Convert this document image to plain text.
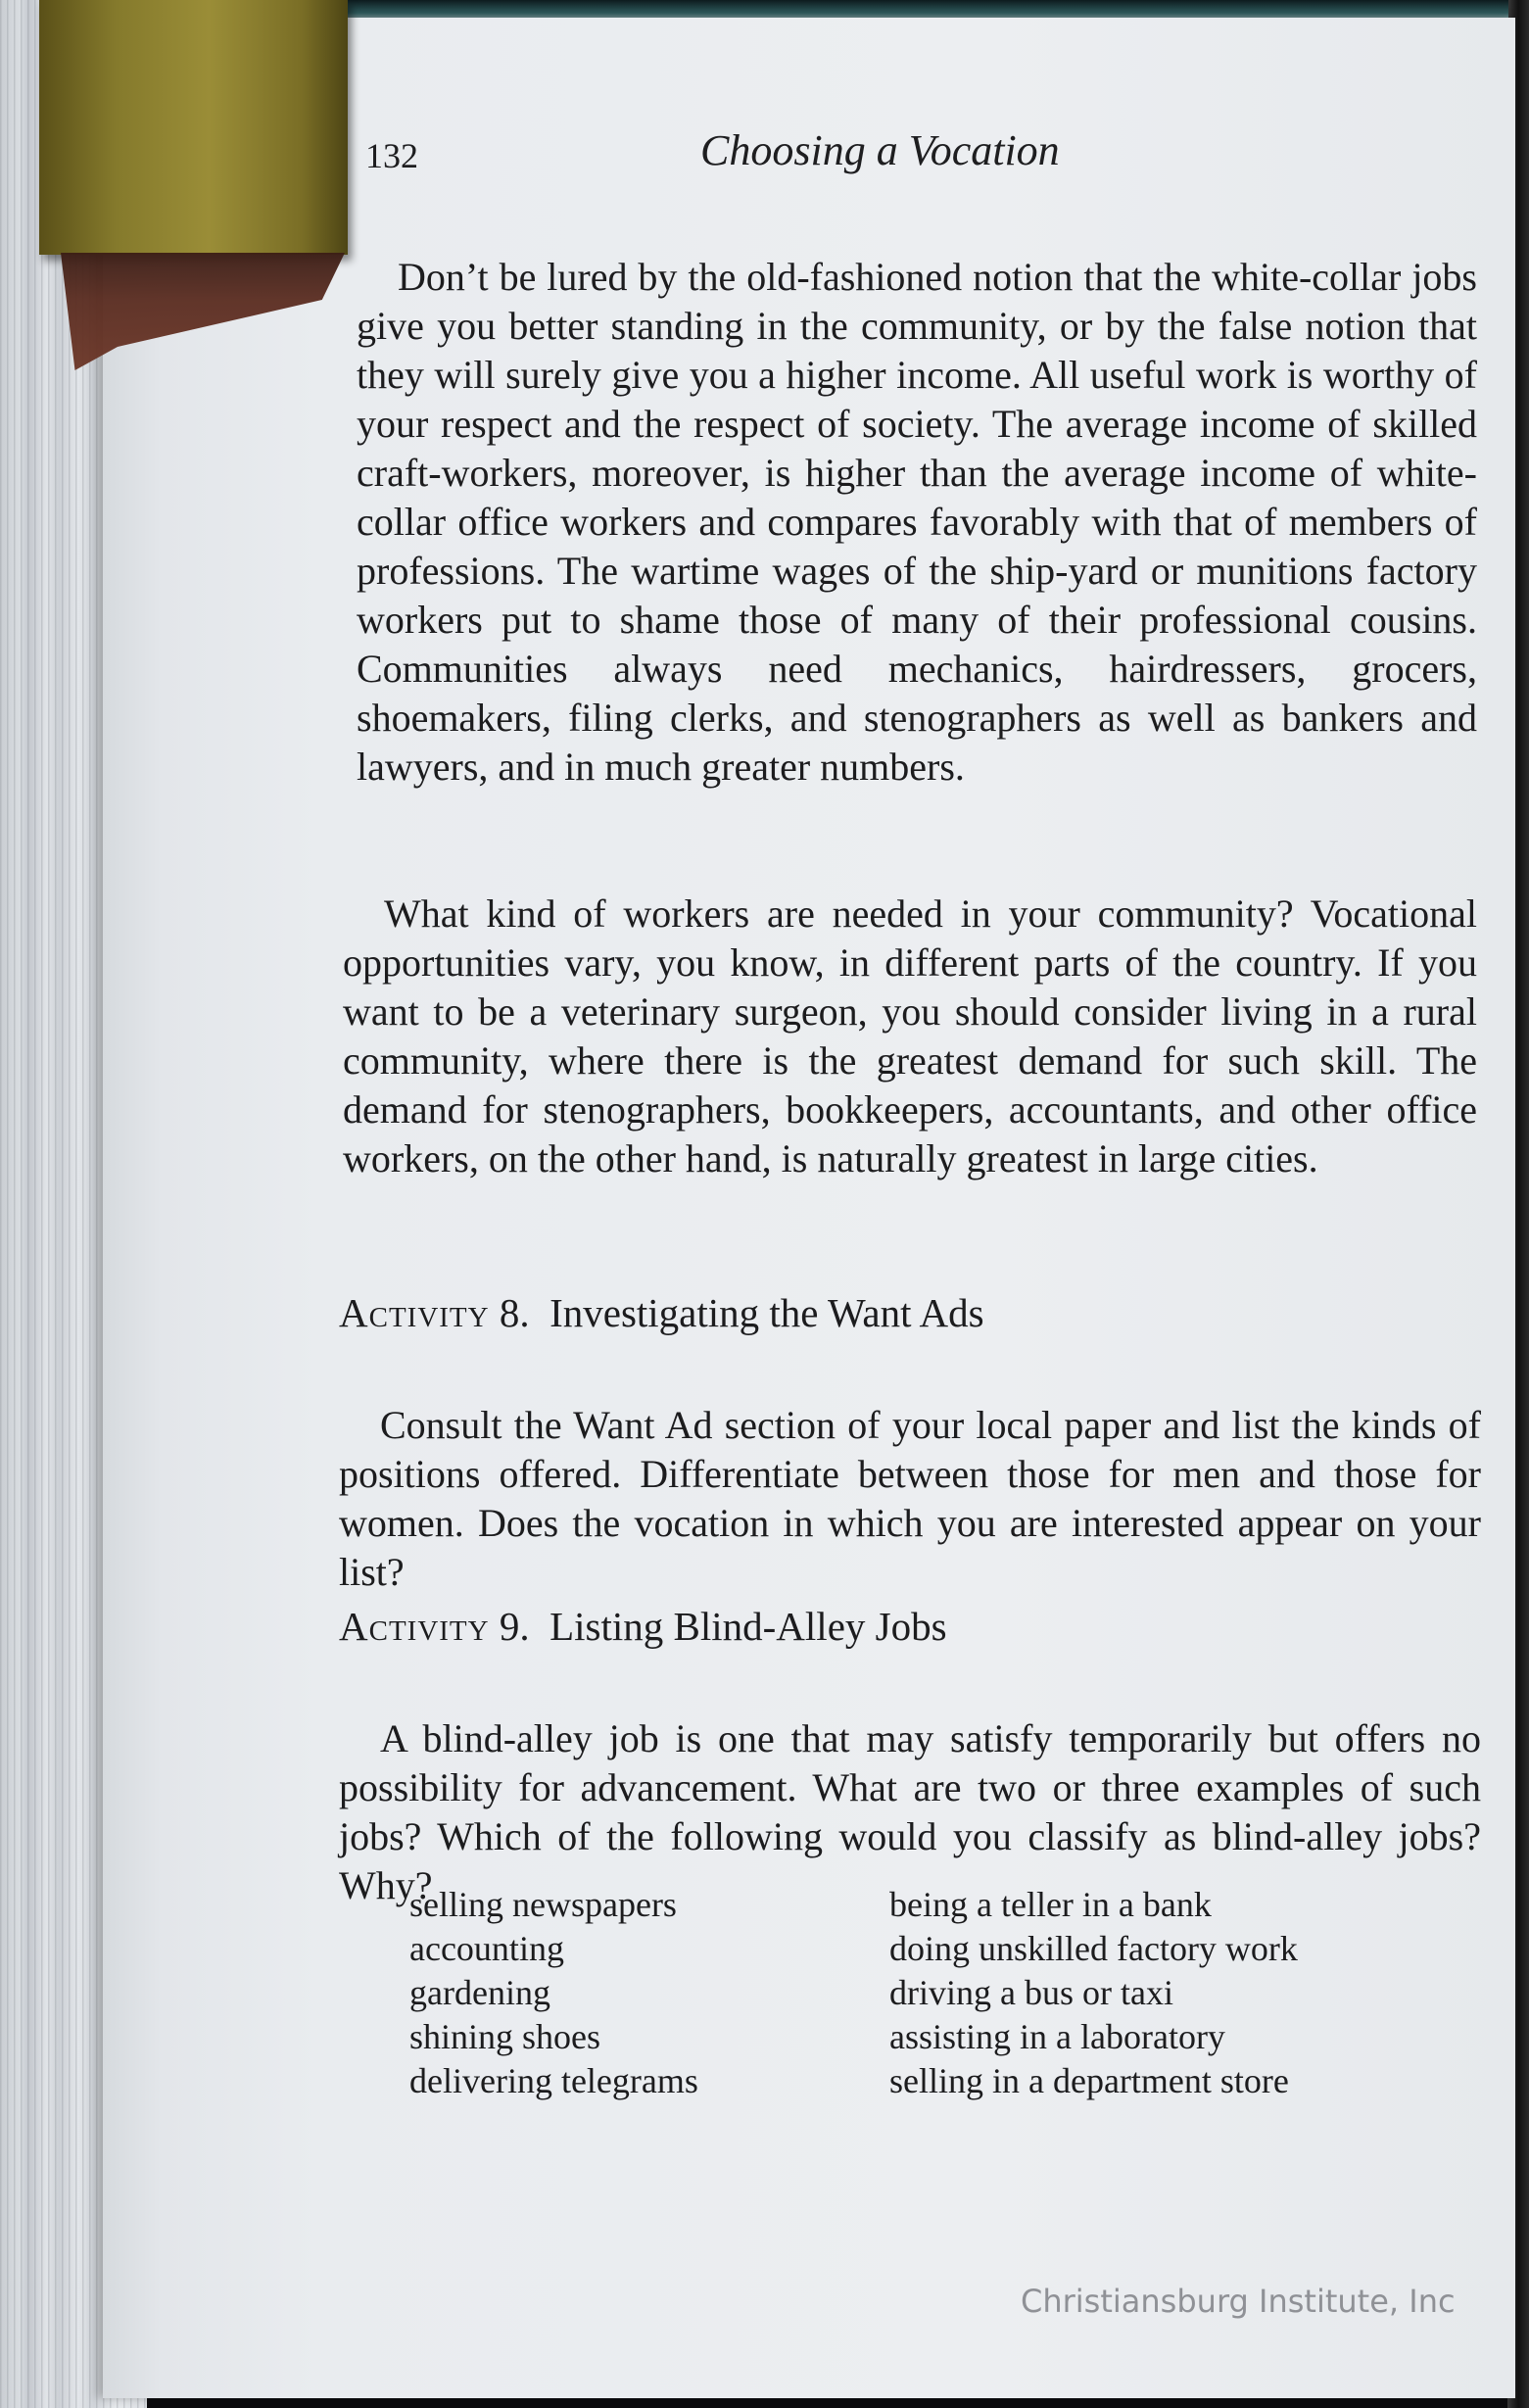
132	Choosing a Vocation

Don’t be lured by the old-fashioned notion that the white-collar jobs give you better standing in the community, or by the false notion that they will surely give you a higher income. All useful work is worthy of your respect and the respect of society. The average income of skilled craft-workers, moreover, is higher than the average income of white-collar office workers and compares favorably with that of members of professions. The wartime wages of the ship-yard or munitions factory workers put to shame those of many of their professional cousins. Communities always need mechanics, hairdressers, grocers, shoemakers, filing clerks, and stenographers as well as bankers and lawyers, and in much greater numbers.

What kind of workers are needed in your community? Vocational opportunities vary, you know, in different parts of the country. If you want to be a veterinary surgeon, you should consider living in a rural community, where there is the greatest demand for such skill. The demand for stenographers, bookkeepers, accountants, and other office workers, on the other hand, is naturally greatest in large cities.

Activity 8. Investigating the Want Ads

Consult the Want Ad section of your local paper and list the kinds of positions offered. Differentiate between those for men and those for women. Does the vocation in which you are interested appear on your list?

Activity 9. Listing Blind-Alley Jobs

A blind-alley job is one that may satisfy temporarily but offers no possibility for advancement. What are two or three examples of such jobs? Which of the following would you classify as blind-alley jobs? Why?

selling newspapers	being a teller in a bank
accounting	doing unskilled factory work
gardening	driving a bus or taxi
shining shoes	assisting in a laboratory
delivering telegrams	selling in a department store
Christiansburg Institute, Inc
